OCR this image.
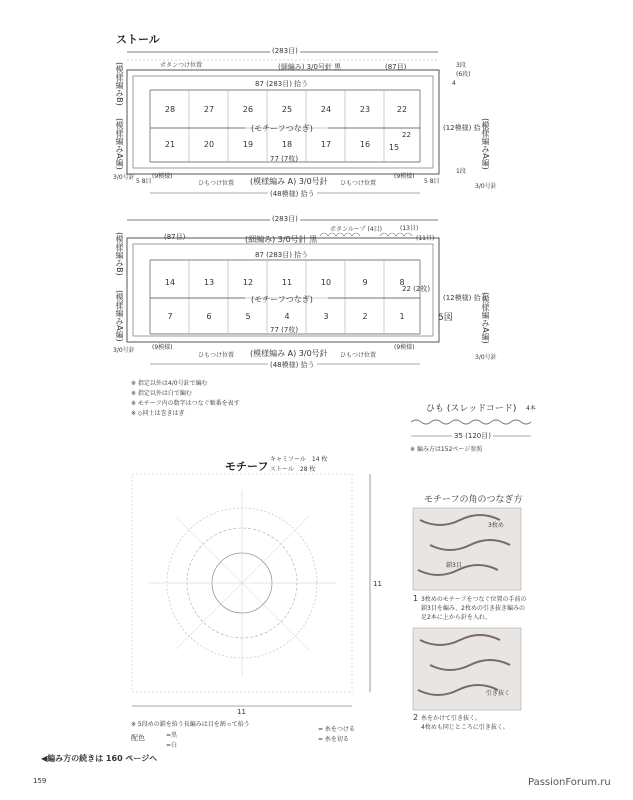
ストール
(283目)
ボタンつけ位置	(細編み) 3/0号針 黒	(87目)
87 (283目) 拾う
(モチーフつなぎ)
77 (7枚)
(模様編みB)
(模様編みA編)	(模様編みA編)
(12模様) 拾う
22
3段
(6段)
4
1段
3/0号針
3/0号針
5 8目	5 8目
(9模様)
ひもつけ位置 (模様編み A) 3/0号針 ひもつけ位置
(9模様)
(48模様) 拾う
28	27	26	25	24	23	22
21	20	19	18	17	16	15
(283目)
(87目)	(細編み) 3/0号針 黒
ボタンループ (4目)	(13目)
(11目)
87 (283目) 拾う
(モチーフつなぎ)
77 (7枚)
22 (2枚)
(12模様) 拾う
5図
(模様編みB)
(模様編みA編)	(模様編みA編)
(9模様)
ひもつけ位置 (模様編み A) 3/0号針 ひもつけ位置
(9模様)
(48模様) 拾う
3/0号針
3/0号針
14	13	12	11	10	9	8
7	6	5	4	3	2	1
※ 指定以外は4/0号針で編む
※ 指定以外は白で編む
※ モチーフ内の数字はつなぐ順番を表す
※ ◇同士は巻きはぎ	ひも (スレッドコード) 4本
35 (120目)
※ 編み方は152ページ参照
モチーフ
キャミソール　14 枚
ストール　28 枚
11
11
※ 5段めの鎖を拾う長編みは目を割って拾う
配色	=黒
=白
= 糸をつける
= 糸を切る
モチーフの角のつなぎ方
1 3枚めのモチーフをつなぐ位置の手前の
鎖3目を編み、2枚めの引き抜き編みの
足2本に上から針を入れ、
2 糸をかけて引き抜く。
4枚めも同じところに引き抜く。
3枚め
鎖3目
引き抜く
◀編み方の続きは 160 ページへ
159	PassionForum.ru
